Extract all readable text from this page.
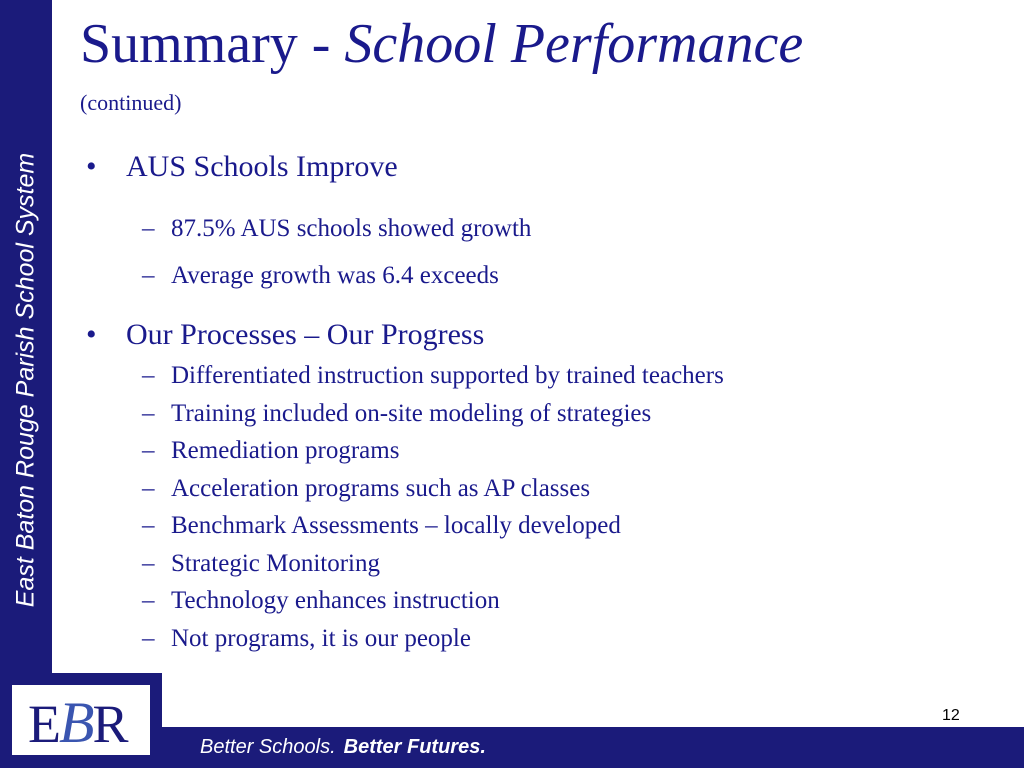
East Baton Rouge Parish School System
Summary - School Performance
(continued)
• AUS Schools Improve
– 87.5% AUS schools showed growth
– Average growth was 6.4 exceeds
• Our Processes – Our Progress
– Differentiated instruction supported by trained teachers
– Training included on-site modeling of strategies
– Remediation programs
– Acceleration programs such as AP classes
– Benchmark Assessments – locally developed
– Strategic Monitoring
– Technology enhances instruction
– Not programs, it is our people
Better Schools. Better Futures.
12
EBR
